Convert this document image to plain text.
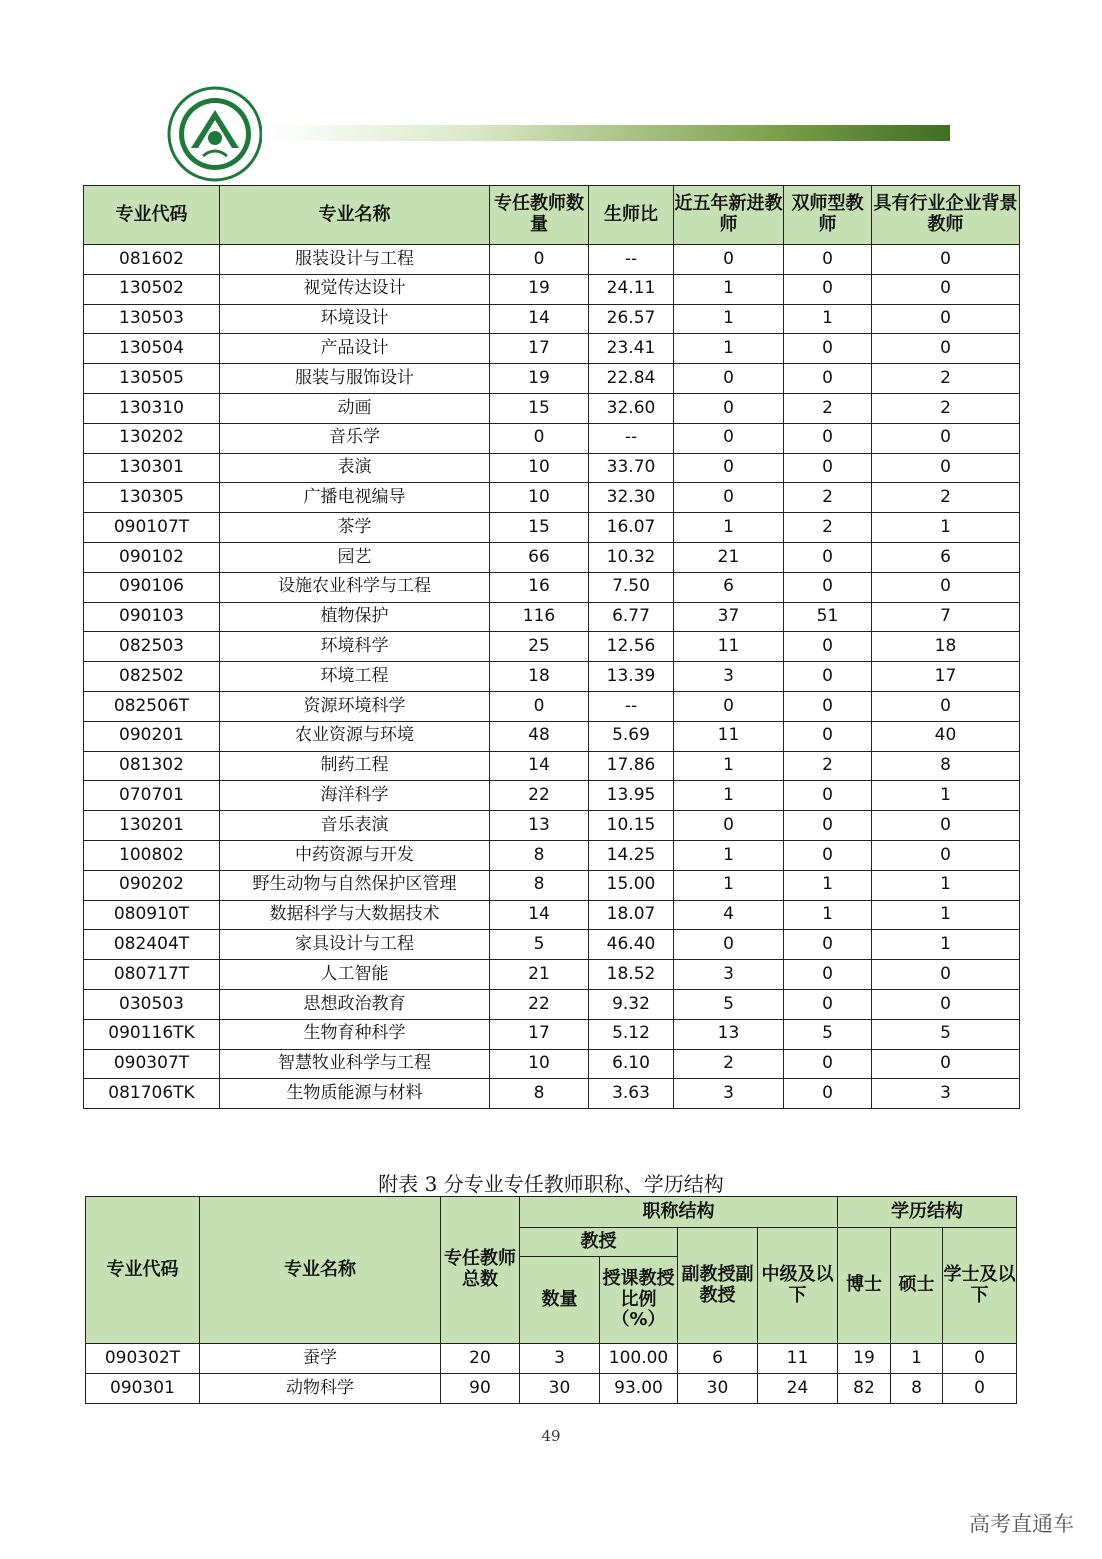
专业代码	专业名称	专任教师数量	生师比	近五年新进教师	双师型教师	具有行业企业背景教师
081602	服装设计与工程	0	--	0	0	0
130502	视觉传达设计	19	24.11	1	0	0
130503	环境设计	14	26.57	1	1	0
130504	产品设计	17	23.41	1	0	0
130505	服装与服饰设计	19	22.84	0	0	2
130310	动画	15	32.60	0	2	2
130202	音乐学	0	--	0	0	0
130301	表演	10	33.70	0	0	0
130305	广播电视编导	10	32.30	0	2	2
090107T	茶学	15	16.07	1	2	1
090102	园艺	66	10.32	21	0	6
090106	设施农业科学与工程	16	7.50	6	0	0
090103	植物保护	116	6.77	37	51	7
082503	环境科学	25	12.56	11	0	18
082502	环境工程	18	13.39	3	0	17
082506T	资源环境科学	0	--	0	0	0
090201	农业资源与环境	48	5.69	11	0	40
081302	制药工程	14	17.86	1	2	8
070701	海洋科学	22	13.95	1	0	1
130201	音乐表演	13	10.15	0	0	0
100802	中药资源与开发	8	14.25	1	0	0
090202	野生动物与自然保护区管理	8	15.00	1	1	1
080910T	数据科学与大数据技术	14	18.07	4	1	1
082404T	家具设计与工程	5	46.40	0	0	1
080717T	人工智能	21	18.52	3	0	0
030503	思想政治教育	22	9.32	5	0	0
090116TK	生物育种科学	17	5.12	13	5	5
090307T	智慧牧业科学与工程	10	6.10	2	0	0
081706TK	生物质能源与材料	8	3.63	3	0	3
附表 3 分专业专任教师职称、学历结构
专业代码	专业名称	专任教师总数	职称结构				学历结构		
			教授		副教授副教授	中级及以下	博士	硕士	学士及以下
			数量	授课教授比例（%）					
090302T	蚕学	20	3	100.00	6	11	19	1	0
090301	动物科学	90	30	93.00	30	24	82	8	0
49
高考直通车
